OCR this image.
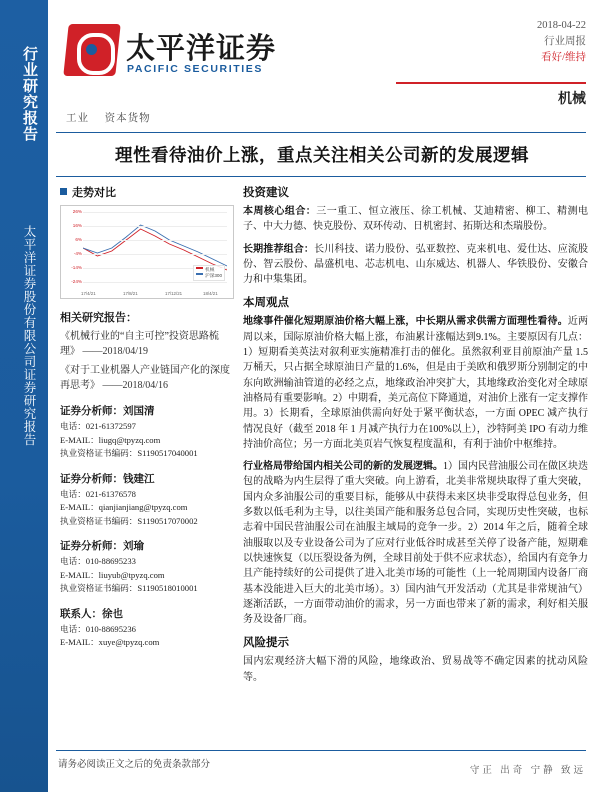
行业研究报告
太平洋证券股份有限公司证券研究报告
太平洋证券
PACIFIC SECURITIES
2018-04-22
行业周报
看好/维持
机械
工业 资本货物
理性看待油价上涨，重点关注相关公司新的发展逻辑
走势对比
26%
16%
6%
-4%
-14%
-24%
17/4/21	17/8/21	17/12/21	18/4/21
机械
沪深300
相关研究报告：
《机械行业的“自主可控”投资思路梳理》 ——2018/04/19
《对于工业机器人产业链国产化的深度再思考》 ——2018/04/16
证券分析师：刘国清
电话：021-61372597
E-MAIL：liugq@tpyzq.com
执业资格证书编码：S1190517040001
证券分析师：钱建江
电话：021-61376578
E-MAIL：qianjianjiang@tpyzq.com
执业资格证书编码：S1190517070002
证券分析师：刘瑜
电话：010-88695233
E-MAIL：liuyub@tpyzq.com
执业资格证书编码：S1190518010001
联系人：徐也
电话：010-88695236
E-MAIL：xuye@tpyzq.com
投资建议

本周核心组合：三一重工、恒立液压、徐工机械、艾迪精密、柳工、精测电子、中大力德、快克股份、双环传动、日机密封、拓斯达和杰瑞股份。

长期推荐组合：长川科技、诺力股份、弘亚数控、克来机电、爱仕达、应流股份、智云股份、晶盛机电、芯志机电、山东威达、机器人、华铁股份、安徽合力和中集集团。

本周观点

地缘事件催化短期原油价格大幅上涨，中长期从需求供需方面理性看待。近两周以来，国际原油价格大幅上涨，布油累计涨幅达到9.1%。主要原因有几点：1）短期看美英法对叙利亚实施精准打击的催化。虽然叙利亚目前原油产量 1.5 万桶天，只占据全球原油日产量的1.6%，但是由于美欧和俄罗斯分别制定的中东向欧洲输油管道的必经之点，地缘政治冲突扩大，其地缘政治变化对全球原油格局有重要影响。2）中期看，美元高位下降通道，对油价上涨有一定支撑作用。3）长期看，全球原油供需向好处于紧平衡状态，一方面 OPEC 减产执行情况良好（截至 2018 年 1 月减产执行力在100%以上），沙特阿美 IPO 有动力维持油价高位；另一方面北美页岩气恢复程度温和，有利于油价中枢维持。

行业格局带给国内相关公司的新的发展逻辑。1）国内民营油服公司在做区块迭包的战略为内生层得了重大突破。向上游看，北美非常规块取得了重大突破，国内众多油服公司的重要目标，能够从中获得未来区块非受取得总包业务，但多数以低毛利为主导，以往美国产能和服务总包合同，实现历史性突破，也标志着中国民营油服公司在油服主域局的竞争一步。2）2014 年之后，随着全球油服取以及专业设备公司为了应对行业低谷时成甚至关停了设备产能，短期难以快速恢复（以压裂设备为例，全球目前处于供不应求状态），给国内有竞争力且产能持续好的公司提供了进入北美市场的可能性（上一轮周期国内设备厂商基本没能进入巨大的北美市场）。3）国内油气开发活动（尤其是非常规油气）逐渐活跃，一方面带动油价的需求，另一方面也带来了新的需求，利好相关服务及设备厂商。

风险提示

国内宏观经济大幅下滑的风险，地缘政治、贸易战等不确定因素的扰动风险等。

请务必阅读正文之后的免责条款部分
守正 出奇 宁静 致远
